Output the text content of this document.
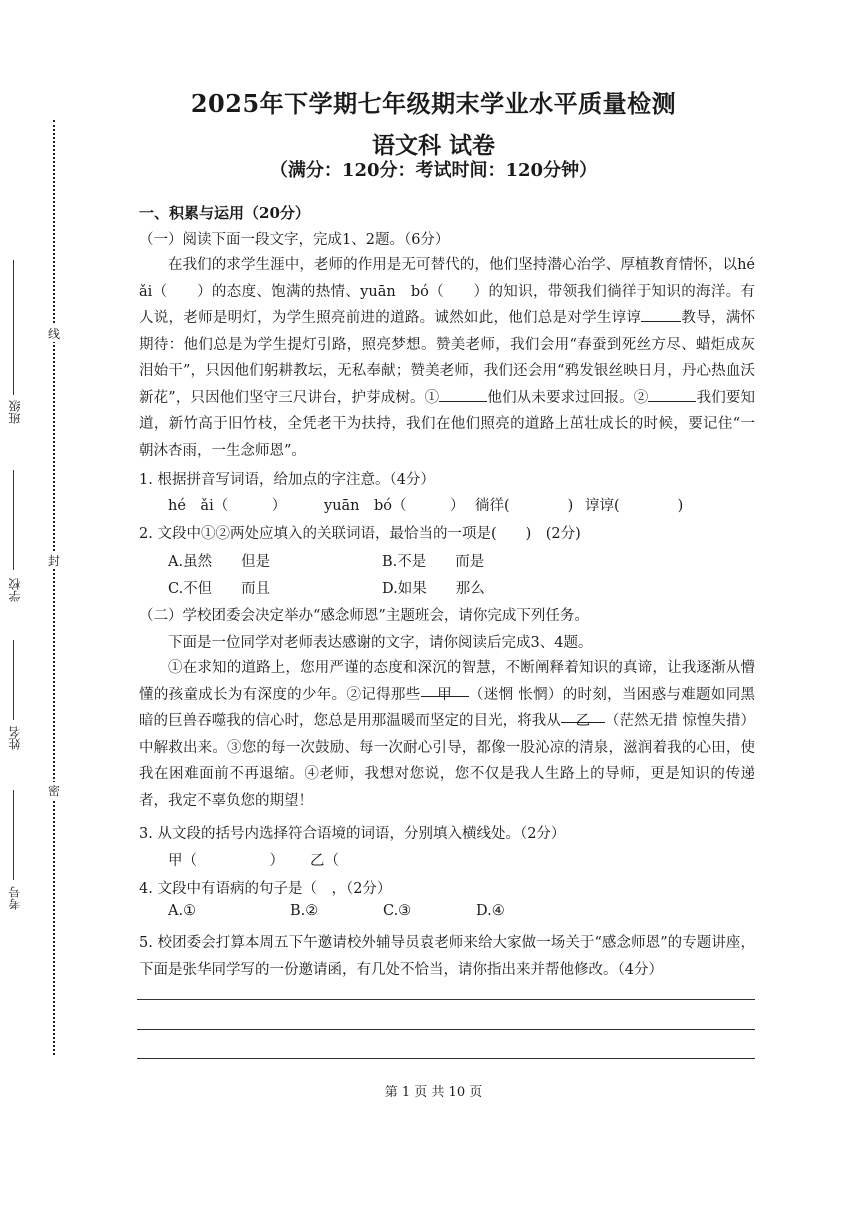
线
封
密
班级
学校
姓名
考号
2025年下学期七年级期末学业水平质量检测
语文科 试卷
（满分：120分：考试时间：120分钟）
一、积累与运用（20分）
（一）阅读下面一段文字，完成1、2题。（6分）
在我们的求学生涯中，老师的作用是无可替代的，他们坚持潜心治学、厚植教育情怀，以hé　ǎi（　　）的态度、饱满的热情、yuān　bó（　　）的知识，带领我们徜徉于知识的海洋。有人说，老师是明灯，为学生照亮前进的道路。诚然如此，他们总是对学生谆谆	教导，满怀期待：他们总是为学生提灯引路，照亮梦想。赞美老师，我们会用“春蚕到死丝方尽、蜡炬成灰泪始干”，只因他们躬耕教坛，无私奉献；赞美老师，我们还会用“鸦发银丝映日月，丹心热血沃新花”，只因他们坚守三尺讲台，护芽成树。①	他们从未要求过回报。②	我们要知道，新竹高于旧竹枝，全凭老干为扶持，我们在他们照亮的道路上茁壮成长的时候，要记住“一朝沐杏雨，一生念师恩”。
1. 根据拼音写词语，给加点的字注意。（4分）
hé　ǎi（　　　）	yuān　bó（　　　） 徜徉(　　　　) 谆谆(　　　　)
2. 文段中①②两处应填入的关联词语，最恰当的一项是(　　)　(2分)
A.虽然　　但是	B.不是　　而是
C.不但　　而且	D.如果　　那么
（二）学校团委会决定举办“感念师恩”主题班会，请你完成下列任务。
下面是一位同学对老师表达感谢的文字，请你阅读后完成3、4题。
①在求知的道路上，您用严谨的态度和深沉的智慧，不断阐释着知识的真谛，让我逐渐从懵懂的孩童成长为有深度的少年。②记得那些 甲 （迷惘 怅惘）的时刻，当困惑与难题如同黑暗的巨兽吞噬我的信心时，您总是用那温暖而坚定的目光，将我从 乙 （茫然无措 惊惶失措）中解救出来。③您的每一次鼓励、每一次耐心引导，都像一股沁凉的清泉，滋润着我的心田，使我在困难面前不再退缩。④老师，我想对您说，您不仅是我人生路上的导师，更是知识的传递者，我定不辜负您的期望！
3. 从文段的括号内选择符合语境的词语，分别填入横线处。（2分）
甲（　　　　　） 乙（
4. 文段中有语病的句子是（　，（2分）
A.①	B.②	C.③	D.④
5. 校团委会打算本周五下午邀请校外辅导员袁老师来给大家做一场关于“感念师恩”的专题讲座，下面是张华同学写的一份邀请函，有几处不恰当，请你指出来并帮他修改。（4分）
第 1 页 共 10 页
